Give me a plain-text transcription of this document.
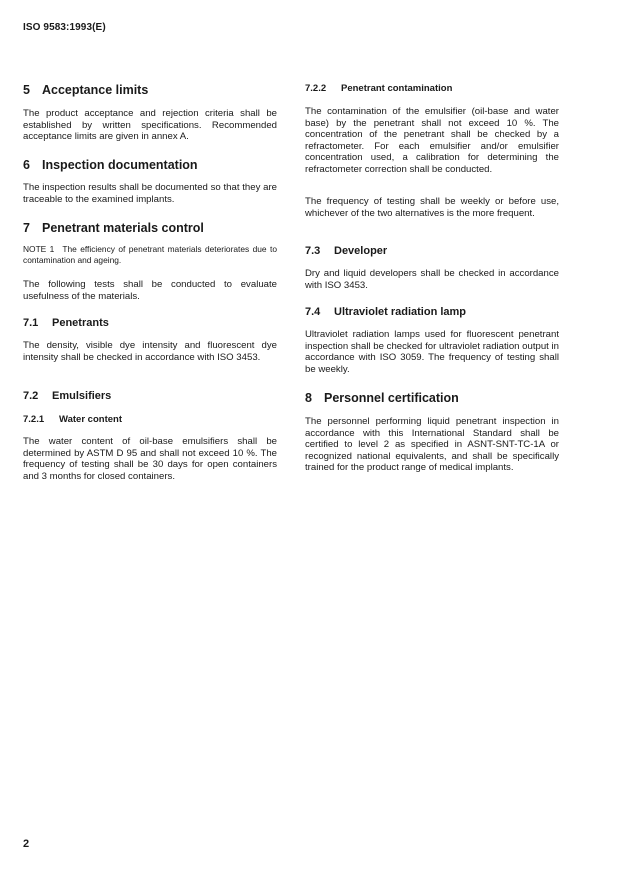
ISO 9583:1993(E)
5 Acceptance limits
The product acceptance and rejection criteria shall be established by written specifications. Recommended acceptance limits are given in annex A.
6 Inspection documentation
The inspection results shall be documented so that they are traceable to the examined implants.
7 Penetrant materials control
NOTE 1 The efficiency of penetrant materials deteriorates due to contamination and ageing.
The following tests shall be conducted to evaluate usefulness of the materials.
7.1 Penetrants
The density, visible dye intensity and fluorescent dye intensity shall be checked in accordance with ISO 3453.
7.2 Emulsifiers
7.2.1 Water content
The water content of oil-base emulsifiers shall be determined by ASTM D 95 and shall not exceed 10 %. The frequency of testing shall be 30 days for open containers and 3 months for closed containers.
7.2.2 Penetrant contamination
The contamination of the emulsifier (oil-base and water base) by the penetrant shall not exceed 10 %. The concentration of the penetrant shall be checked by a refractometer. For each emulsifier and/or emulsifier concentration used, a calibration for determining the refractometer correction shall be conducted.
The frequency of testing shall be weekly or before use, whichever of the two alternatives is the more frequent.
7.3 Developer
Dry and liquid developers shall be checked in accordance with ISO 3453.
7.4 Ultraviolet radiation lamp
Ultraviolet radiation lamps used for fluorescent penetrant inspection shall be checked for ultraviolet radiation output in accordance with ISO 3059. The frequency of testing shall be weekly.
8 Personnel certification
The personnel performing liquid penetrant inspection in accordance with this International Standard shall be certified to level 2 as specified in ASNT-SNT-TC-1A or recognized national equivalents, and shall be specifically trained for the product range of medical implants.
2
